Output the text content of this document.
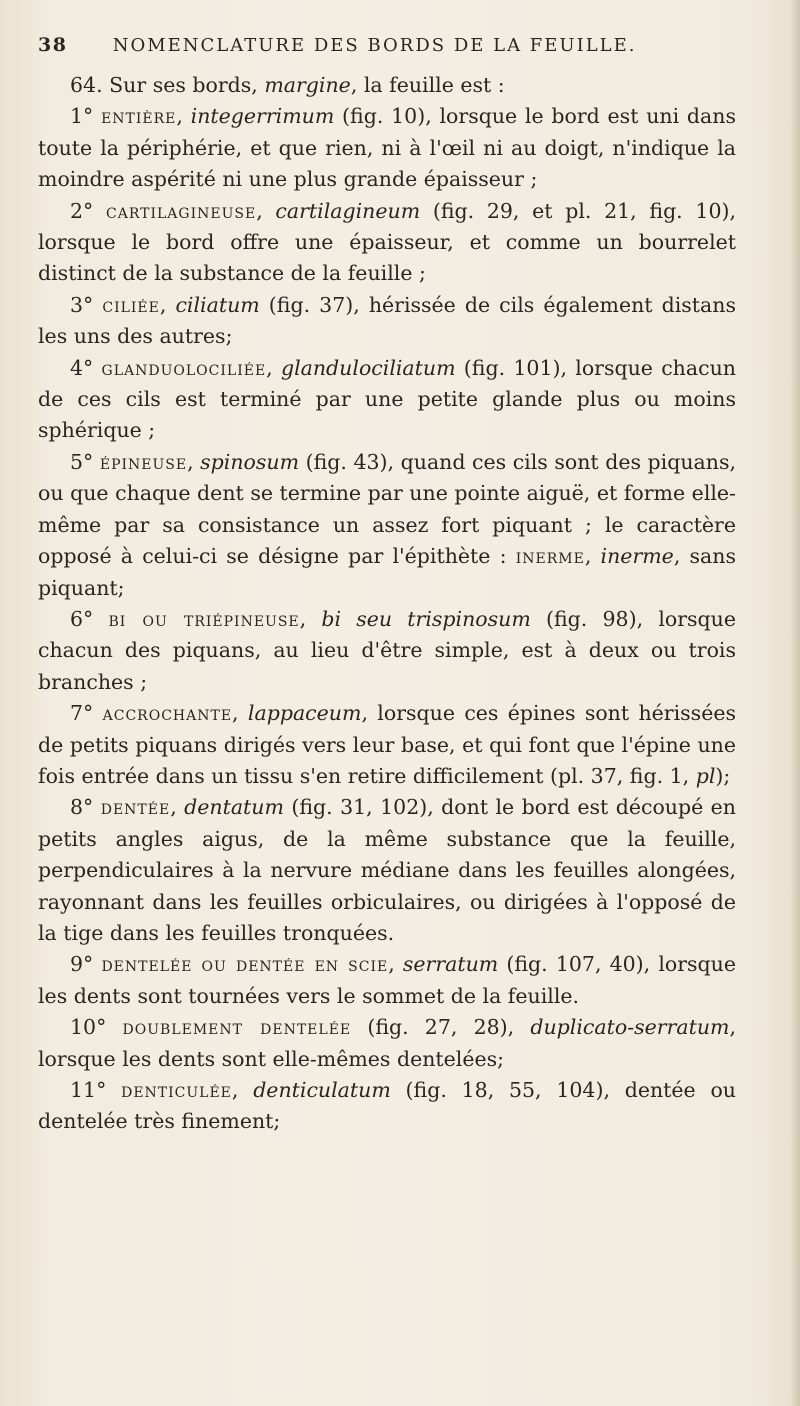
38	NOMENCLATURE DES BORDS DE LA FEUILLE.

64. Sur ses bords, margine, la feuille est :

1° entière, integerrimum (fig. 10), lorsque le bord est uni dans toute la périphérie, et que rien, ni à l'œil ni au doigt, n'indique la moindre aspérité ni une plus grande épaisseur ;

2° cartilagineuse, cartilagineum (fig. 29, et pl. 21, fig. 10), lorsque le bord offre une épaisseur, et comme un bourrelet distinct de la substance de la feuille ;

3° ciliée, ciliatum (fig. 37), hérissée de cils également distans les uns des autres;

4° glanduolociliée, glandulociliatum (fig. 101), lorsque chacun de ces cils est terminé par une petite glande plus ou moins sphérique ;

5° épineuse, spinosum (fig. 43), quand ces cils sont des piquans, ou que chaque dent se termine par une pointe aiguë, et forme elle-même par sa consistance un assez fort piquant ; le caractère opposé à celui-ci se désigne par l'épithète : inerme, inerme, sans piquant;

6° bi ou triépineuse, bi seu trispinosum (fig. 98), lorsque chacun des piquans, au lieu d'être simple, est à deux ou trois branches ;

7° accrochante, lappaceum, lorsque ces épines sont hérissées de petits piquans dirigés vers leur base, et qui font que l'épine une fois entrée dans un tissu s'en retire difficilement (pl. 37, fig. 1, pl);

8° dentée, dentatum (fig. 31, 102), dont le bord est découpé en petits angles aigus, de la même substance que la feuille, perpendiculaires à la nervure médiane dans les feuilles alongées, rayonnant dans les feuilles orbiculaires, ou dirigées à l'opposé de la tige dans les feuilles tronquées.

9° dentelée ou dentée en scie, serratum (fig. 107, 40), lorsque les dents sont tournées vers le sommet de la feuille.

10° doublement dentelée (fig. 27, 28), duplicato-serratum, lorsque les dents sont elle-mêmes dentelées;

11° denticulée, denticulatum (fig. 18, 55, 104), dentée ou dentelée très finement;
